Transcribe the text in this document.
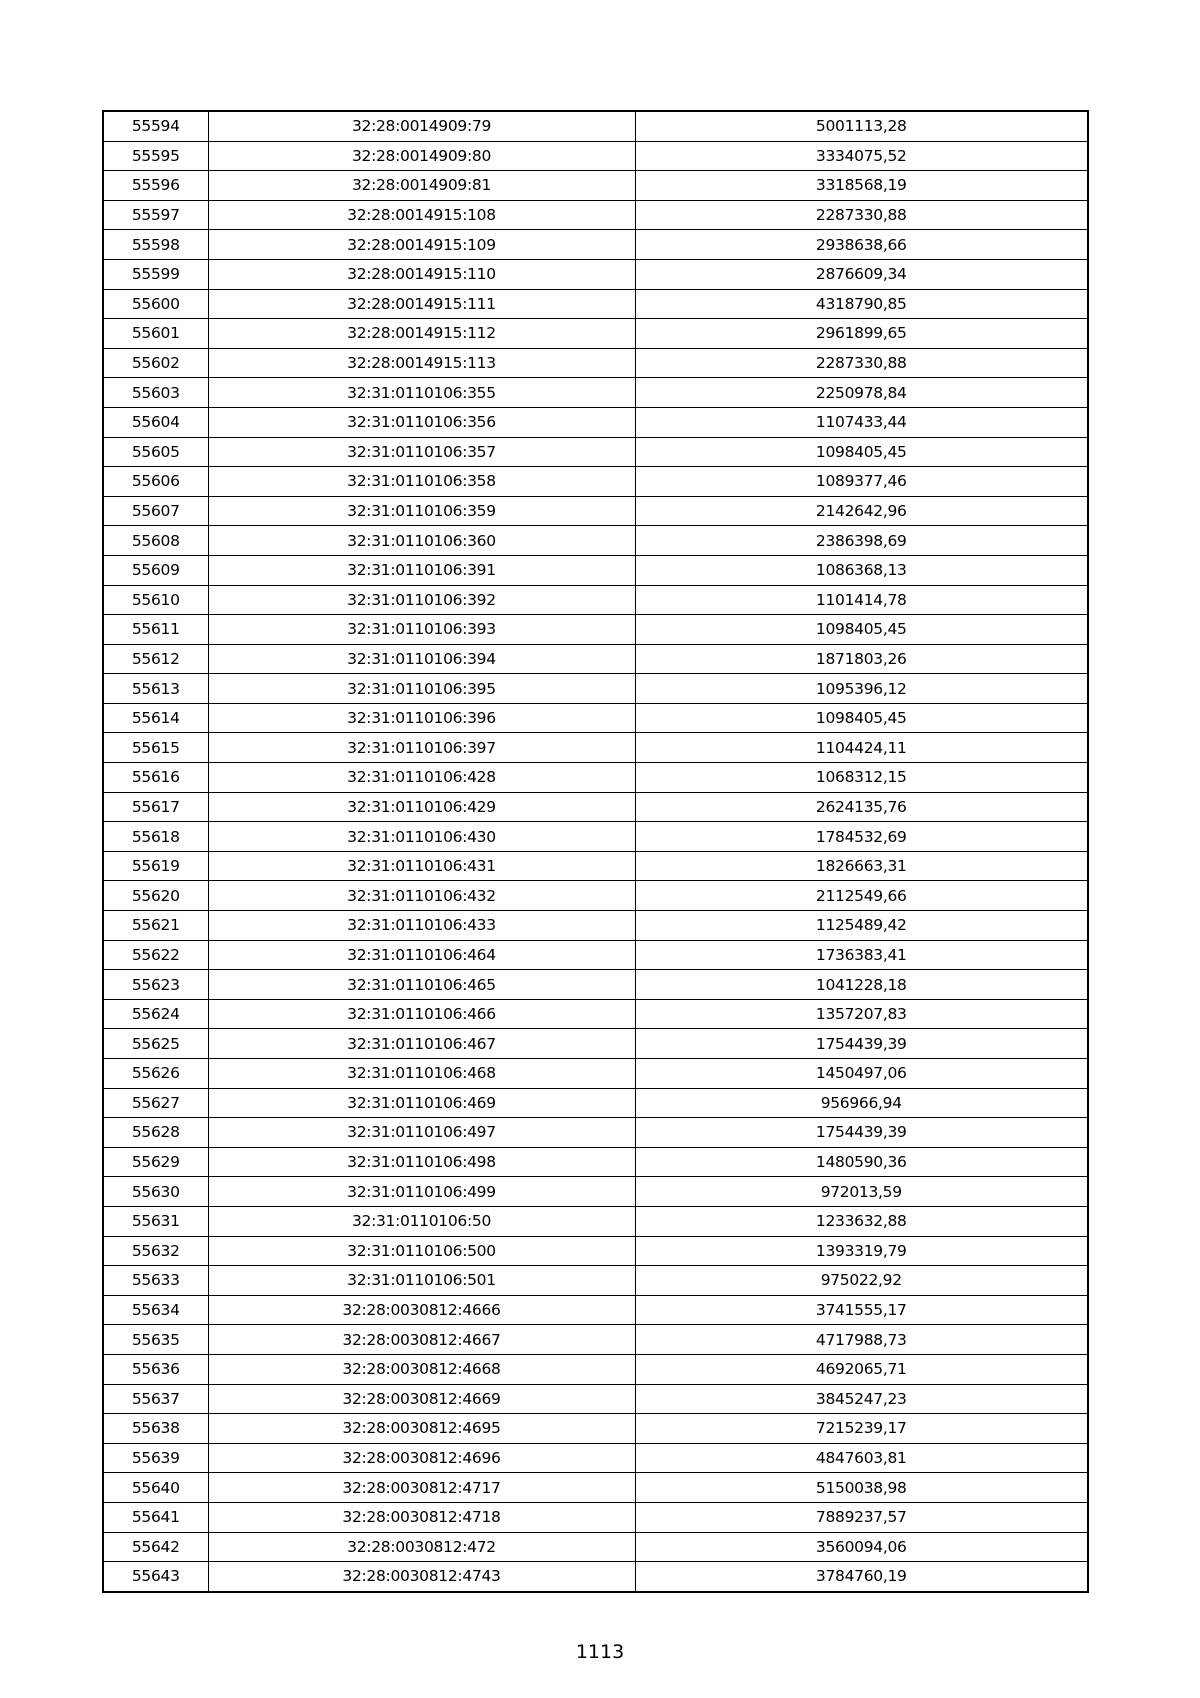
55594	32:28:0014909:79	5001113,28
55595	32:28:0014909:80	3334075,52
55596	32:28:0014909:81	3318568,19
55597	32:28:0014915:108	2287330,88
55598	32:28:0014915:109	2938638,66
55599	32:28:0014915:110	2876609,34
55600	32:28:0014915:111	4318790,85
55601	32:28:0014915:112	2961899,65
55602	32:28:0014915:113	2287330,88
55603	32:31:0110106:355	2250978,84
55604	32:31:0110106:356	1107433,44
55605	32:31:0110106:357	1098405,45
55606	32:31:0110106:358	1089377,46
55607	32:31:0110106:359	2142642,96
55608	32:31:0110106:360	2386398,69
55609	32:31:0110106:391	1086368,13
55610	32:31:0110106:392	1101414,78
55611	32:31:0110106:393	1098405,45
55612	32:31:0110106:394	1871803,26
55613	32:31:0110106:395	1095396,12
55614	32:31:0110106:396	1098405,45
55615	32:31:0110106:397	1104424,11
55616	32:31:0110106:428	1068312,15
55617	32:31:0110106:429	2624135,76
55618	32:31:0110106:430	1784532,69
55619	32:31:0110106:431	1826663,31
55620	32:31:0110106:432	2112549,66
55621	32:31:0110106:433	1125489,42
55622	32:31:0110106:464	1736383,41
55623	32:31:0110106:465	1041228,18
55624	32:31:0110106:466	1357207,83
55625	32:31:0110106:467	1754439,39
55626	32:31:0110106:468	1450497,06
55627	32:31:0110106:469	956966,94
55628	32:31:0110106:497	1754439,39
55629	32:31:0110106:498	1480590,36
55630	32:31:0110106:499	972013,59
55631	32:31:0110106:50	1233632,88
55632	32:31:0110106:500	1393319,79
55633	32:31:0110106:501	975022,92
55634	32:28:0030812:4666	3741555,17
55635	32:28:0030812:4667	4717988,73
55636	32:28:0030812:4668	4692065,71
55637	32:28:0030812:4669	3845247,23
55638	32:28:0030812:4695	7215239,17
55639	32:28:0030812:4696	4847603,81
55640	32:28:0030812:4717	5150038,98
55641	32:28:0030812:4718	7889237,57
55642	32:28:0030812:472	3560094,06
55643	32:28:0030812:4743	3784760,19
1113
